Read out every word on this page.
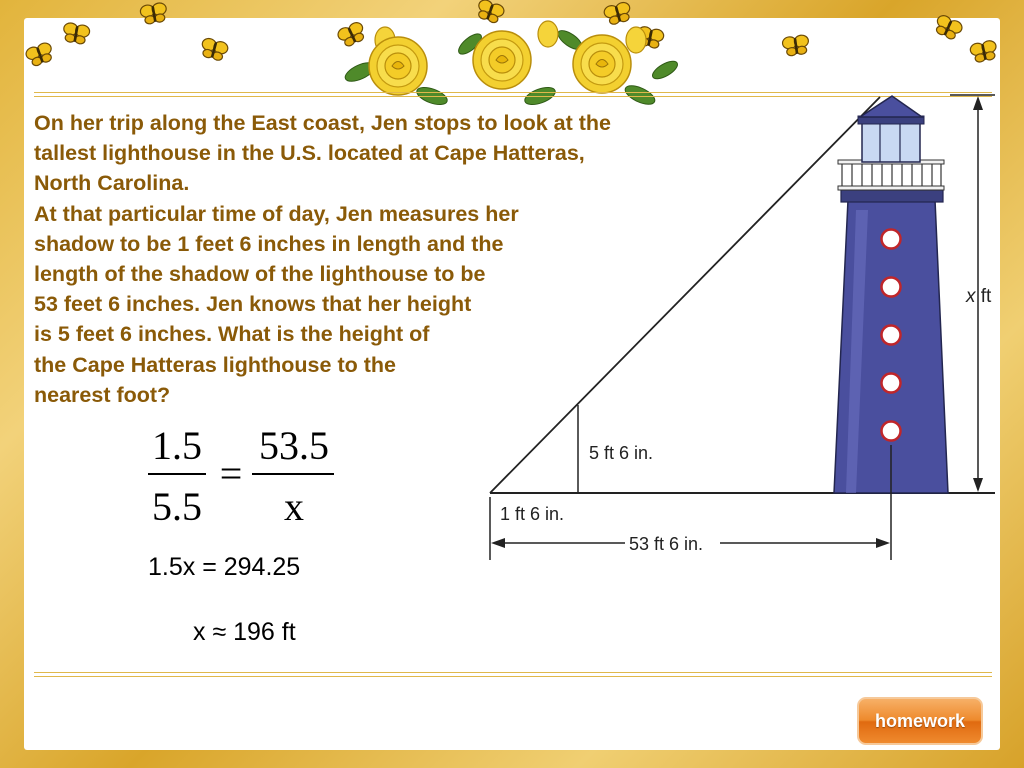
x ft
5 ft 6 in.
1 ft 6 in.
53 ft 6 in.
On her trip along the East coast, Jen stops to look at the
tallest lighthouse in the U.S. located at Cape Hatteras,
North Carolina.
At that particular time of day, Jen measures her
shadow to be 1 feet 6 inches in length and the
length of the shadow of the lighthouse to be
53 feet 6 inches. Jen knows that her height
is 5 feet 6 inches. What is the height of
the Cape Hatteras lighthouse to the
nearest foot?
1.5
5.5
=
53.5
x
1.5x = 294.25
x ≈ 196 ft
homework
